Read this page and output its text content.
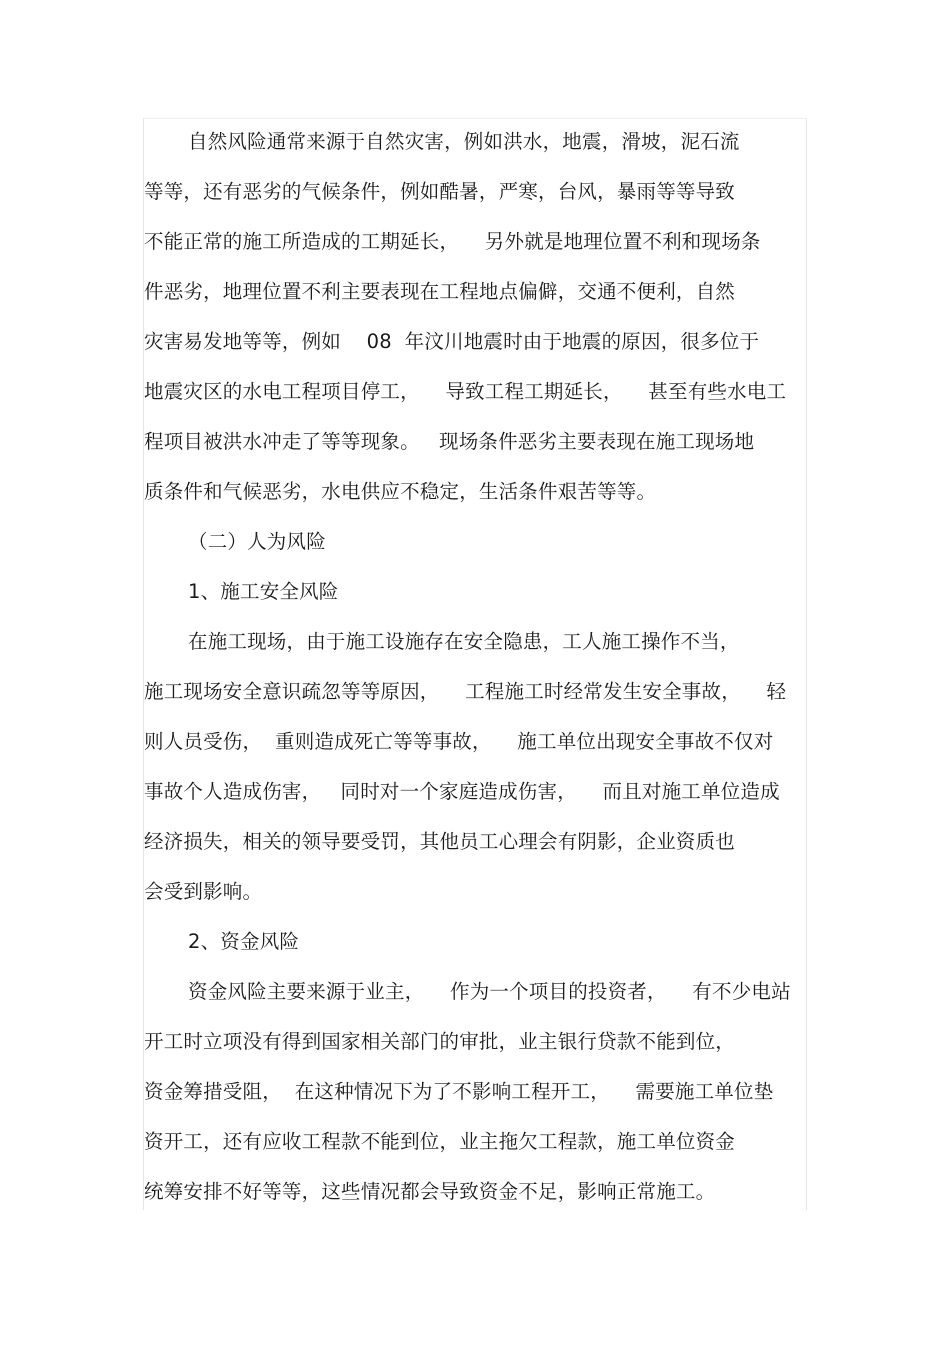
自然风险通常来源于自然灾害，例如洪水，地震，滑坡，泥石流
等等，还有恶劣的气候条件，例如酷暑，严寒，台风，暴雨等等导致
不能正常的施工所造成的工期延长，    另外就是地理位置不利和现场条
件恶劣，地理位置不利主要表现在工程地点偏僻，交通不便利，自然
灾害易发地等等，例如    08  年汶川地震时由于地震的原因，很多位于
地震灾区的水电工程项目停工，    导致工程工期延长，    甚至有些水电工
程项目被洪水冲走了等等现象。   现场条件恶劣主要表现在施工现场地
质条件和气候恶劣，水电供应不稳定，生活条件艰苦等等。
（二）人为风险
1、施工安全风险
在施工现场，由于施工设施存在安全隐患，工人施工操作不当，
施工现场安全意识疏忽等等原因，    工程施工时经常发生安全事故，    轻
则人员受伤，  重则造成死亡等等事故，    施工单位出现安全事故不仅对
事故个人造成伤害，   同时对一个家庭造成伤害，    而且对施工单位造成
经济损失，相关的领导要受罚，其他员工心理会有阴影，企业资质也
会受到影响。
2、资金风险
资金风险主要来源于业主，    作为一个项目的投资者，    有不少电站
开工时立项没有得到国家相关部门的审批，业主银行贷款不能到位，
资金筹措受阻，  在这种情况下为了不影响工程开工，    需要施工单位垫
资开工，还有应收工程款不能到位，业主拖欠工程款，施工单位资金
统筹安排不好等等，这些情况都会导致资金不足，影响正常施工。
